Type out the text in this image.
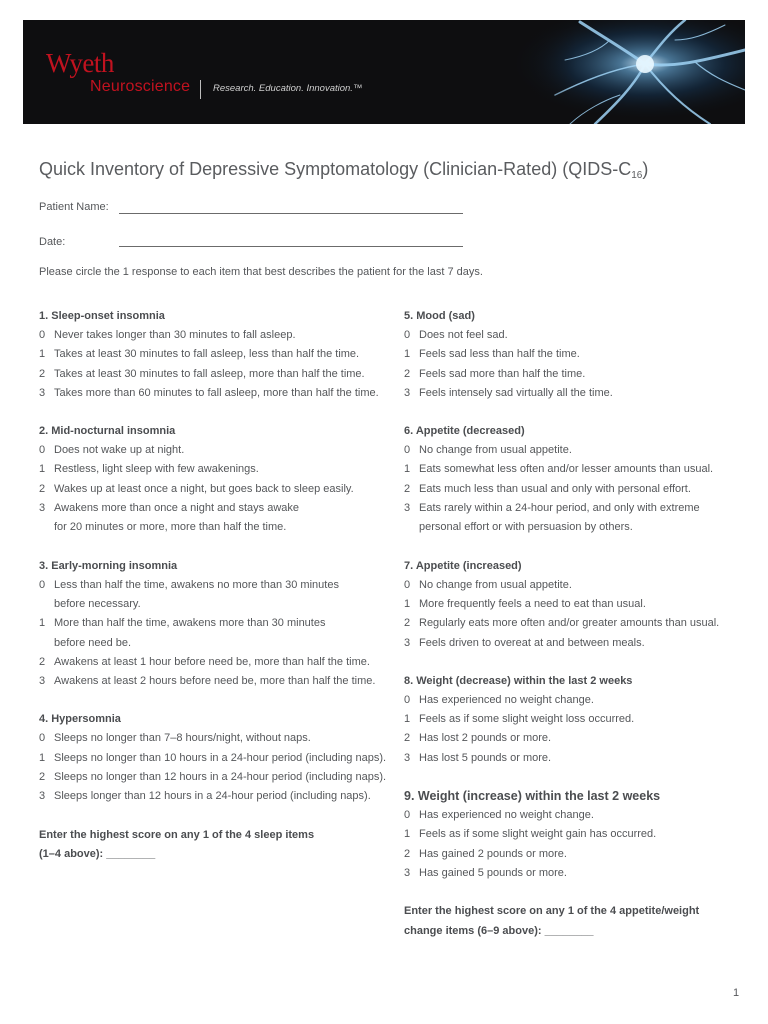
Wyeth
Neuroscience Research. Education. Innovation.™
Quick Inventory of Depressive Symptomatology (Clinician-Rated) $(QIDS-C_{16})$
Patient Name:
Date:
Please circle the 1 response to each item that best describes the patient for the last 7 days.
1. Sleep-onset insomnia
0 Never takes longer than 30 minutes to fall asleep.
1 Takes at least 30 minutes to fall asleep, less than half the time.
2 Takes at least 30 minutes to fall asleep, more than half the time.
3 Takes more than 60 minutes to fall asleep, more than half the time.
2. Mid-nocturnal insomnia
0 Does not wake up at night.
1 Restless, light sleep with few awakenings.
2 Wakes up at least once a night, but goes back to sleep easily.
3 Awakens more than once a night and stays awake
for 20 minutes or more, more than half the time.
3. Early-morning insomnia
0 Less than half the time, awakens no more than 30 minutes
before necessary.
1 More than half the time, awakens more than 30 minutes
before need be.
2 Awakens at least 1 hour before need be, more than half the time.
3 Awakens at least 2 hours before need be, more than half the time.
4. Hypersomnia
0 Sleeps no longer than 7–8 hours/night, without naps.
1 Sleeps no longer than 10 hours in a 24-hour period (including naps).
2 Sleeps no longer than 12 hours in a 24-hour period (including naps).
3 Sleeps longer than 12 hours in a 24-hour period (including naps).
Enter the highest score on any 1 of the 4 sleep items
(1–4 above): ________
5. Mood (sad)
0 Does not feel sad.
1 Feels sad less than half the time.
2 Feels sad more than half the time.
3 Feels intensely sad virtually all the time.
6. Appetite (decreased)
0 No change from usual appetite.
1 Eats somewhat less often and/or lesser amounts than usual.
2 Eats much less than usual and only with personal effort.
3 Eats rarely within a 24-hour period, and only with extreme
personal effort or with persuasion by others.
7. Appetite (increased)
0 No change from usual appetite.
1 More frequently feels a need to eat than usual.
2 Regularly eats more often and/or greater amounts than usual.
3 Feels driven to overeat at and between meals.
8. Weight (decrease) within the last 2 weeks
0 Has experienced no weight change.
1 Feels as if some slight weight loss occurred.
2 Has lost 2 pounds or more.
3 Has lost 5 pounds or more.
9. Weight (increase) within the last 2 weeks
0 Has experienced no weight change.
1 Feels as if some slight weight gain has occurred.
2 Has gained 2 pounds or more.
3 Has gained 5 pounds or more.
Enter the highest score on any 1 of the 4 appetite/weight
change items (6–9 above): ________
1
